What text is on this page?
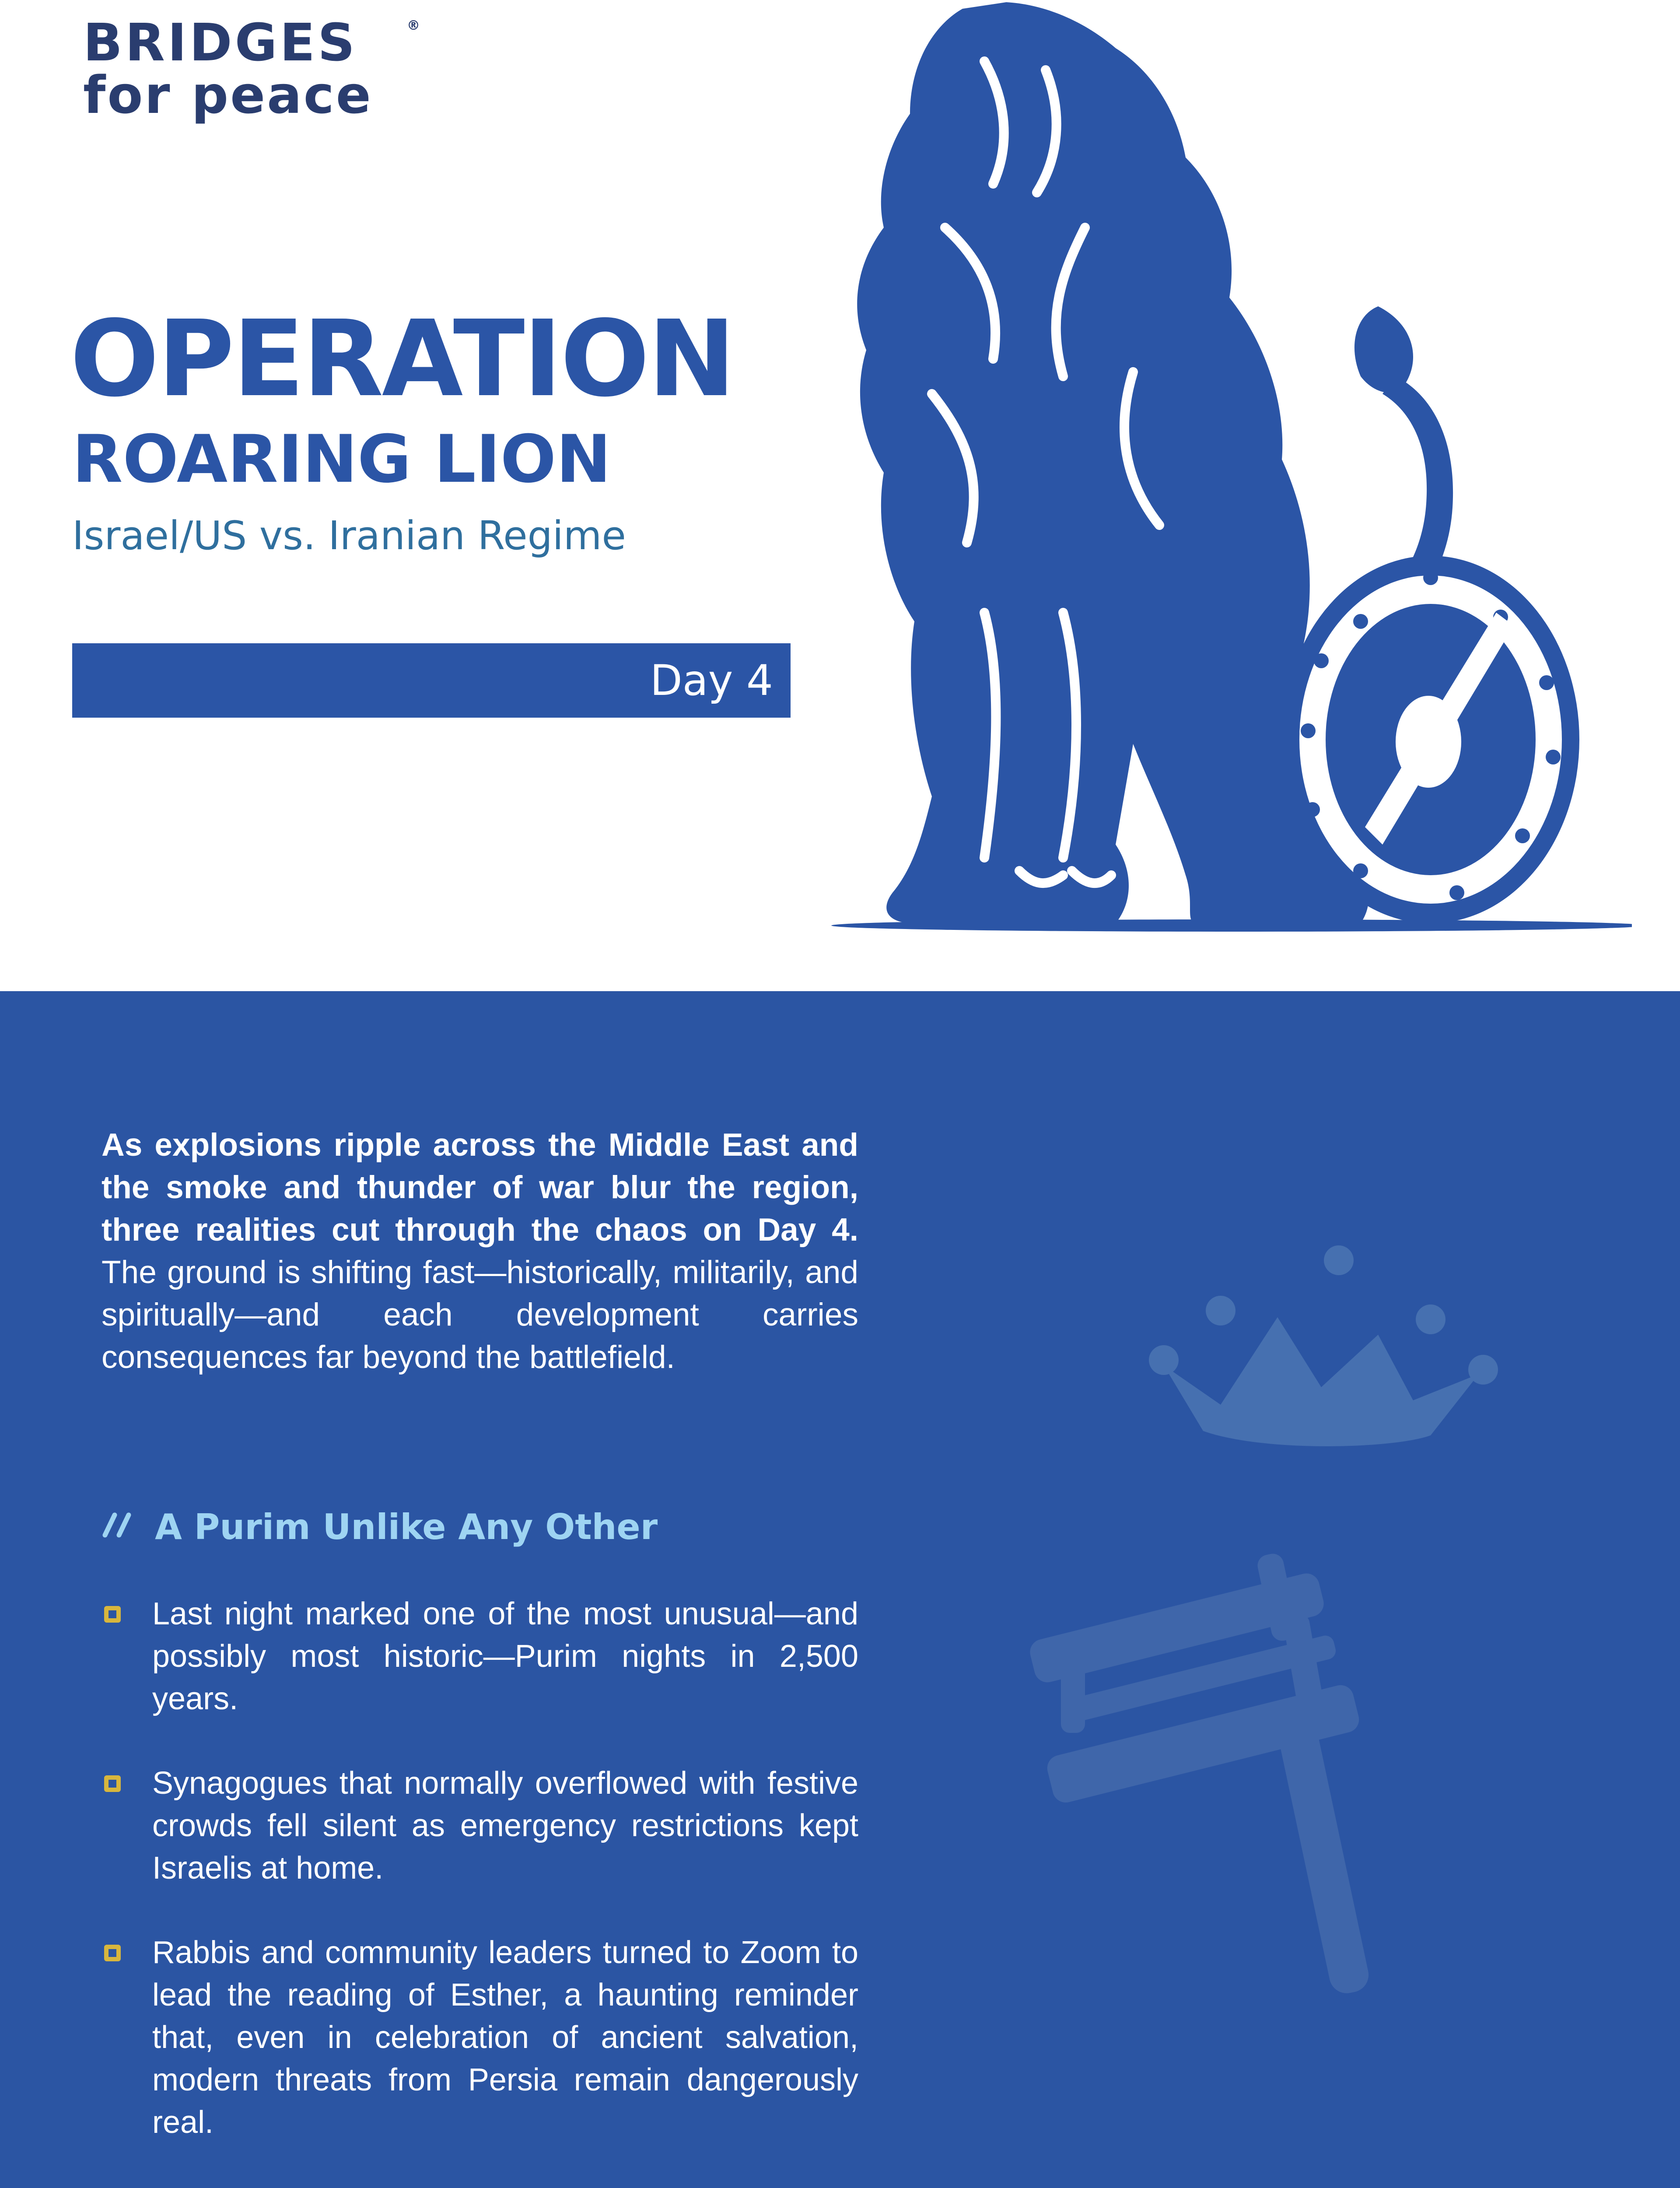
BRIDGES
for peace
®
OPERATION
ROARING LION
Israel/US vs. Iranian Regime
Day 4
As explosions ripple across the Middle East and the smoke and thunder of war blur the region, three realities cut through the chaos on Day 4. The ground is shifting fast—historically, militarily, and spiritually—and each development carries consequences far beyond the battlefield.
A Purim Unlike Any Other
Last night marked one of the most unusual—and possibly most historic—Purim nights in 2,500 years.
Synagogues that normally overflowed with festive crowds fell silent as emergency restrictions kept Israelis at home.
Rabbis and community leaders turned to Zoom to lead the reading of Esther, a haunting reminder that, even in celebration of ancient salvation, modern threats from Persia remain dangerously real.
